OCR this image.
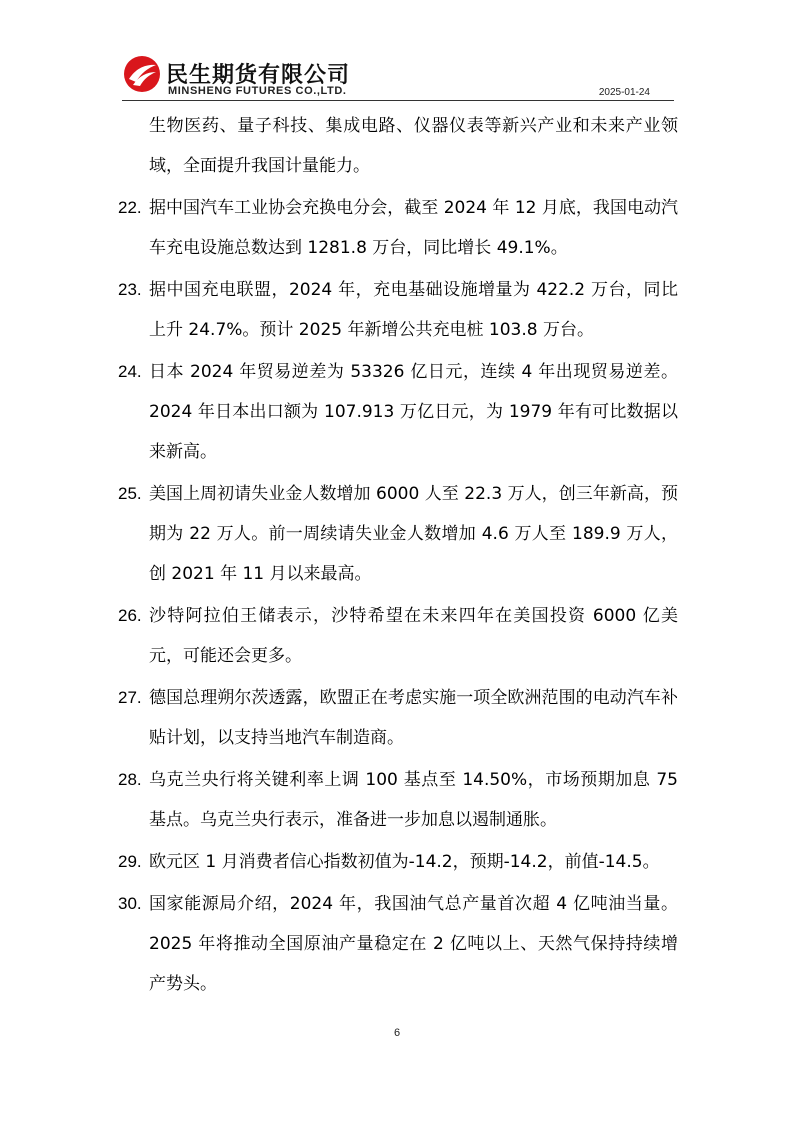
民生期货有限公司
MINSHENG FUTURES CO.,LTD.	2025-01-24
生物医药、量子科技、集成电路、仪器仪表等新兴产业和未来产业领域，全面提升我国计量能力。
22. 据中国汽车工业协会充换电分会，截至 2024 年 12 月底，我国电动汽车充电设施总数达到 1281.8 万台，同比增长 49.1%。
23. 据中国充电联盟，2024 年，充电基础设施增量为 422.2 万台，同比上升 24.7%。预计 2025 年新增公共充电桩 103.8 万台。
24. 日本 2024 年贸易逆差为 53326 亿日元，连续 4 年出现贸易逆差。2024 年日本出口额为 107.913 万亿日元，为 1979 年有可比数据以来新高。
25. 美国上周初请失业金人数增加 6000 人至 22.3 万人，创三年新高，预期为 22 万人。前一周续请失业金人数增加 4.6 万人至 189.9 万人，创 2021 年 11 月以来最高。
26. 沙特阿拉伯王储表示，沙特希望在未来四年在美国投资 6000 亿美元，可能还会更多。
27. 德国总理朔尔茨透露，欧盟正在考虑实施一项全欧洲范围的电动汽车补贴计划，以支持当地汽车制造商。
28. 乌克兰央行将关键利率上调 100 基点至 14.50%，市场预期加息 75 基点。乌克兰央行表示，准备进一步加息以遏制通胀。
29. 欧元区 1 月消费者信心指数初值为-14.2，预期-14.2，前值-14.5。
30. 国家能源局介绍，2024 年，我国油气总产量首次超 4 亿吨油当量。2025 年将推动全国原油产量稳定在 2 亿吨以上、天然气保持持续增产势头。
6
